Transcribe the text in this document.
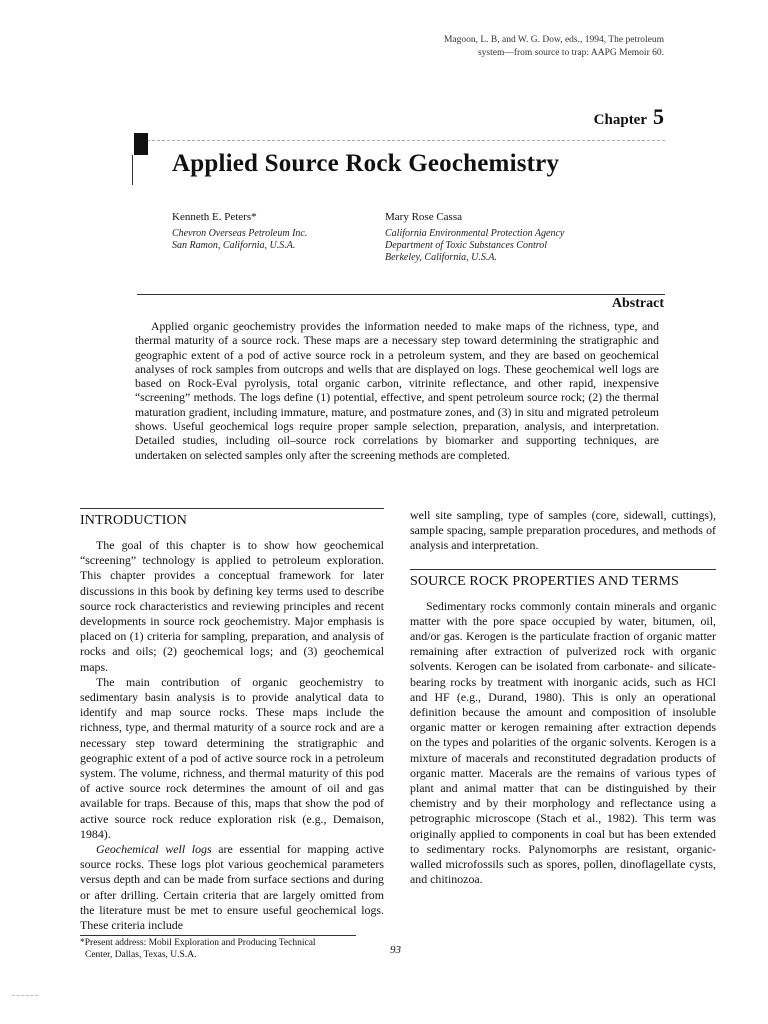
Magoon, L. B, and W. G. Dow, eds., 1994, The petroleum
system—from source to trap: AAPG Memoir 60.
Chapter 5
Applied Source Rock Geochemistry
Kenneth E. Peters*
Chevron Overseas Petroleum Inc.
San Ramon, California, U.S.A.
Mary Rose Cassa
California Environmental Protection Agency
Department of Toxic Substances Control
Berkeley, California, U.S.A.
Abstract

Applied organic geochemistry provides the information needed to make maps of the richness, type, and thermal maturity of a source rock. These maps are a necessary step toward determining the stratigraphic and geographic extent of a pod of active source rock in a petroleum system, and they are based on geochemical analyses of rock samples from outcrops and wells that are displayed on logs. These geochemical well logs are based on Rock-Eval pyrolysis, total organic carbon, vitrinite reflectance, and other rapid, inexpensive “screening” methods. The logs define (1) potential, effective, and spent petroleum source rock; (2) the thermal maturation gradient, including immature, mature, and postmature zones, and (3) in situ and migrated petroleum shows. Useful geochemical logs require proper sample selection, preparation, analysis, and interpretation. Detailed studies, including oil–source rock correlations by biomarker and supporting techniques, are undertaken on selected samples only after the screening methods are completed.

INTRODUCTION

The goal of this chapter is to show how geochemical “screening” technology is applied to petroleum exploration. This chapter provides a conceptual framework for later discussions in this book by defining key terms used to describe source rock characteristics and reviewing principles and recent developments in source rock geochemistry. Major emphasis is placed on (1) criteria for sampling, preparation, and analysis of rocks and oils; (2) geochemical logs; and (3) geochemical maps.

The main contribution of organic geochemistry to sedimentary basin analysis is to provide analytical data to identify and map source rocks. These maps include the richness, type, and thermal maturity of a source rock and are a necessary step toward determining the stratigraphic and geographic extent of a pod of active source rock in a petroleum system. The volume, richness, and thermal maturity of this pod of active source rock determines the amount of oil and gas available for traps. Because of this, maps that show the pod of active source rock reduce exploration risk (e.g., Demaison, 1984).

Geochemical well logs are essential for mapping active source rocks. These logs plot various geochemical parameters versus depth and can be made from surface sections and during or after drilling. Certain criteria that are largely omitted from the literature must be met to ensure useful geochemical logs. These criteria include

well site sampling, type of samples (core, sidewall, cuttings), sample spacing, sample preparation procedures, and methods of analysis and interpretation.

SOURCE ROCK PROPERTIES AND TERMS

Sedimentary rocks commonly contain minerals and organic matter with the pore space occupied by water, bitumen, oil, and/or gas. Kerogen is the particulate fraction of organic matter remaining after extraction of pulverized rock with organic solvents. Kerogen can be isolated from carbonate- and silicate-bearing rocks by treatment with inorganic acids, such as HCl and HF (e.g., Durand, 1980). This is only an operational definition because the amount and composition of insoluble organic matter or kerogen remaining after extraction depends on the types and polarities of the organic solvents. Kerogen is a mixture of macerals and reconstituted degradation products of organic matter. Macerals are the remains of various types of plant and animal matter that can be distinguished by their chemistry and by their morphology and reflectance using a petrographic microscope (Stach et al., 1982). This term was originally applied to components in coal but has been extended to sedimentary rocks. Palynomorphs are resistant, organic-walled microfossils such as spores, pollen, dinoflagellate cysts, and chitinozoa.

*Present address: Mobil Exploration and Producing Technical
Center, Dallas, Texas, U.S.A.	93
